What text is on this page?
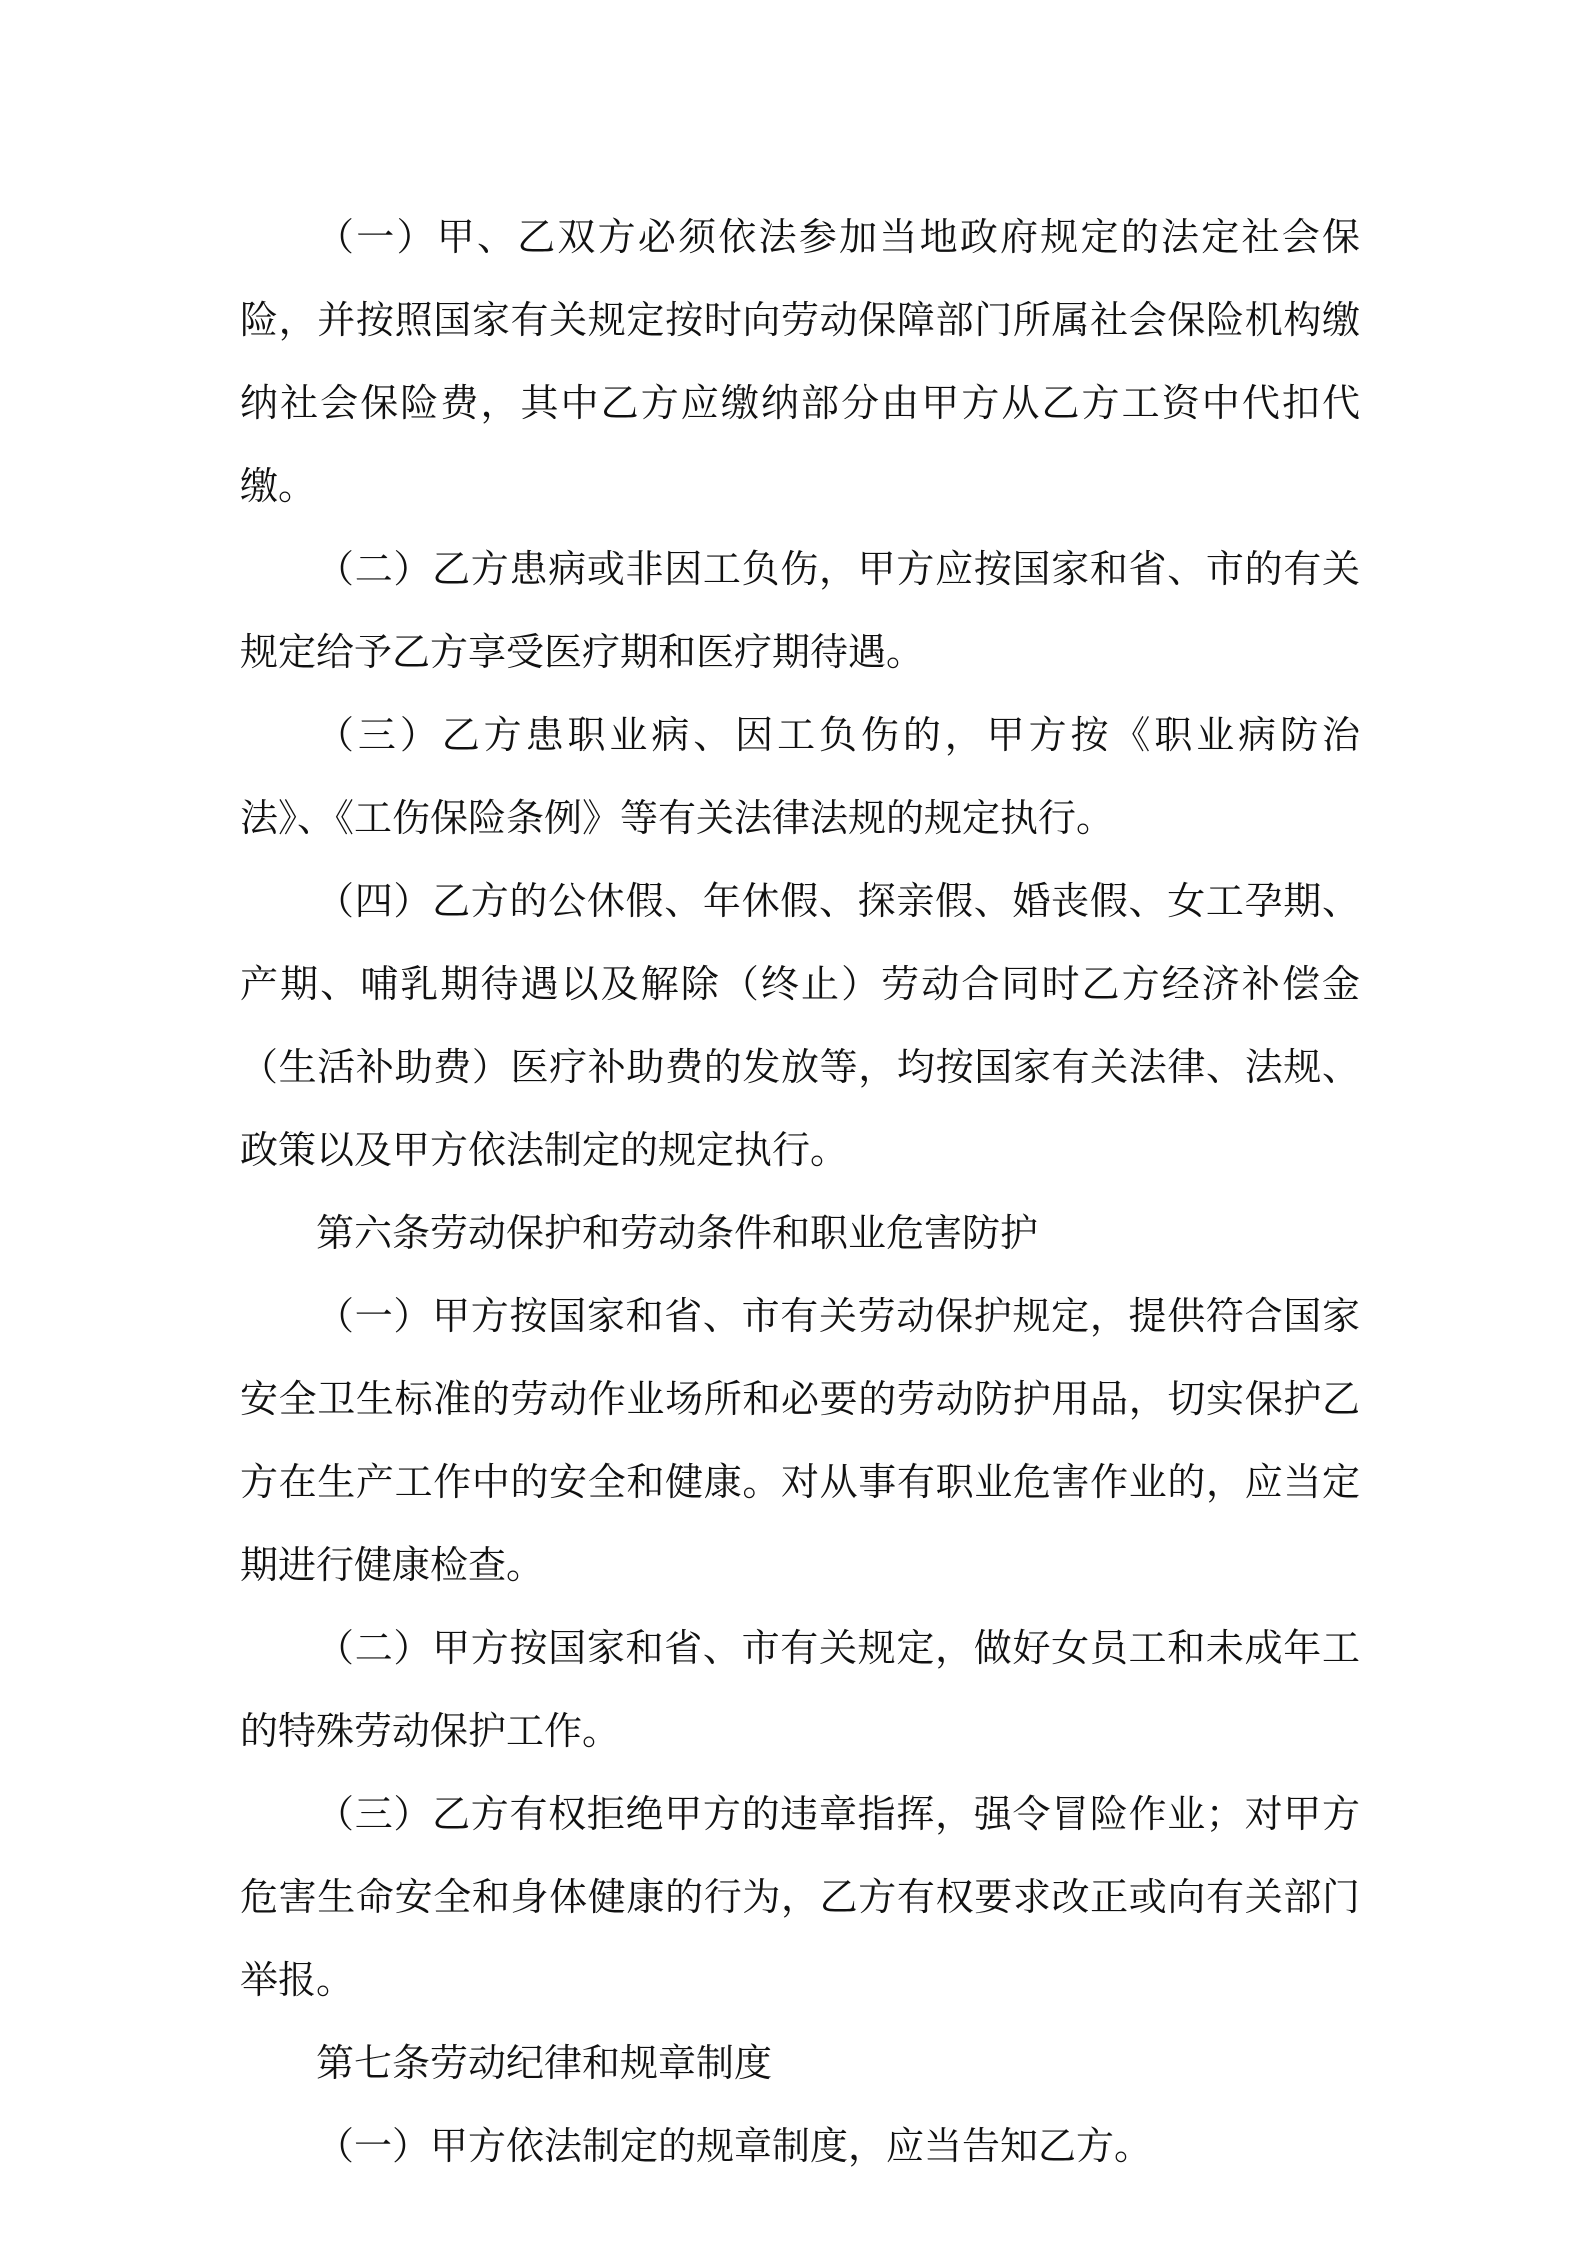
（一）甲、乙双方必须依法参加当地政府规定的法定社会保险，并按照国家有关规定按时向劳动保障部门所属社会保险机构缴纳社会保险费，其中乙方应缴纳部分由甲方从乙方工资中代扣代缴。

（二）乙方患病或非因工负伤，甲方应按国家和省、市的有关规定给予乙方享受医疗期和医疗期待遇。

（三）乙方患职业病、因工负伤的，甲方按《职业病防治法》、《工伤保险条例》等有关法律法规的规定执行。

（四）乙方的公休假、年休假、探亲假、婚丧假、女工孕期、产期、哺乳期待遇以及解除（终止）劳动合同时乙方经济补偿金（生活补助费）医疗补助费的发放等，均按国家有关法律、法规、政策以及甲方依法制定的规定执行。

第六条劳动保护和劳动条件和职业危害防护

（一）甲方按国家和省、市有关劳动保护规定，提供符合国家安全卫生标准的劳动作业场所和必要的劳动防护用品，切实保护乙方在生产工作中的安全和健康。对从事有职业危害作业的，应当定期进行健康检查。

（二）甲方按国家和省、市有关规定，做好女员工和未成年工的特殊劳动保护工作。

（三）乙方有权拒绝甲方的违章指挥，强令冒险作业；对甲方危害生命安全和身体健康的行为，乙方有权要求改正或向有关部门举报。

第七条劳动纪律和规章制度

（一）甲方依法制定的规章制度，应当告知乙方。
